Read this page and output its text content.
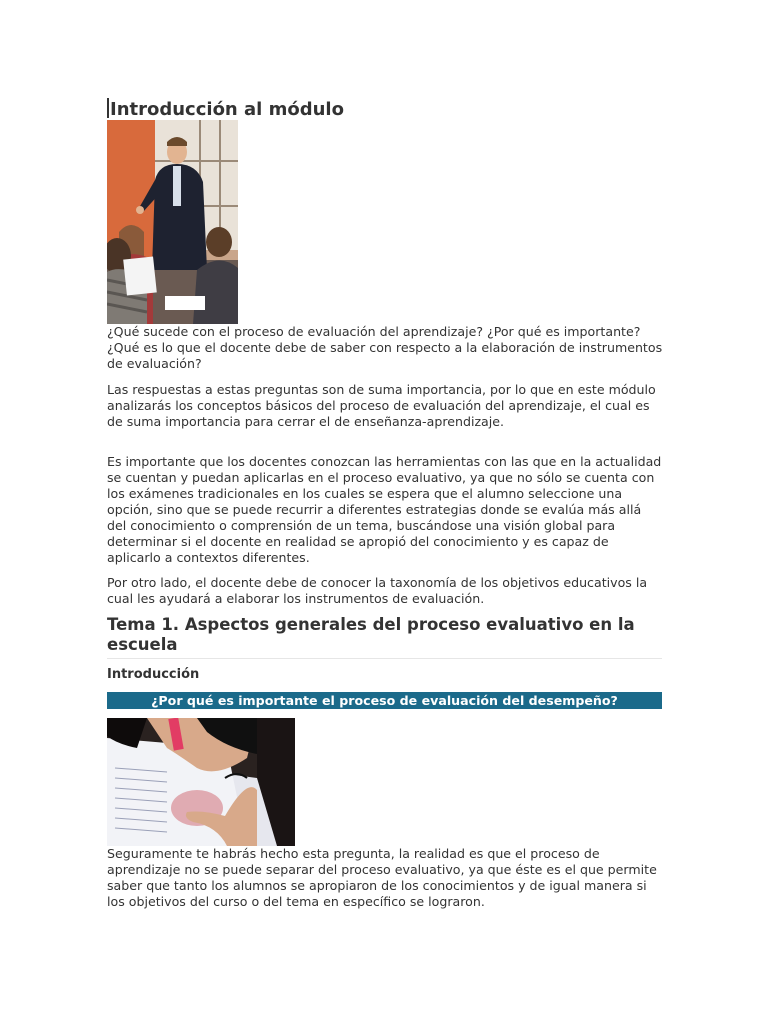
Introducción al módulo

¿Qué sucede con el proceso de evaluación del aprendizaje? ¿Por qué es importante? ¿Qué es lo que el docente debe de saber con respecto a la elaboración de instrumentos de evaluación?

Las respuestas a estas preguntas son de suma importancia, por lo que en este módulo analizarás los conceptos básicos del proceso de evaluación del aprendizaje, el cual es de suma importancia para cerrar el de enseñanza-aprendizaje.

Es importante que los docentes conozcan las herramientas con las que en la actualidad se cuentan y puedan aplicarlas en el proceso evaluativo, ya que no sólo se cuenta con los exámenes tradicionales en los cuales se espera que el alumno seleccione una opción, sino que se puede recurrir a diferentes estrategias donde se evalúa más allá del conocimiento o comprensión de un tema, buscándose una visión global para determinar si el docente en realidad se apropió del conocimiento y es capaz de aplicarlo a contextos diferentes.

Por otro lado, el docente debe de conocer la taxonomía de los objetivos educativos la cual les ayudará a elaborar los instrumentos de evaluación.

Tema 1. Aspectos generales del proceso evaluativo en la escuela
Introducción
¿Por qué es importante el proceso de evaluación del desempeño?

Seguramente te habrás hecho esta pregunta, la realidad es que el proceso de aprendizaje no se puede separar del proceso evaluativo, ya que éste es el que permite saber que tanto los alumnos se apropiaron de los conocimientos y de igual manera si los objetivos del curso o del tema en específico se lograron.
